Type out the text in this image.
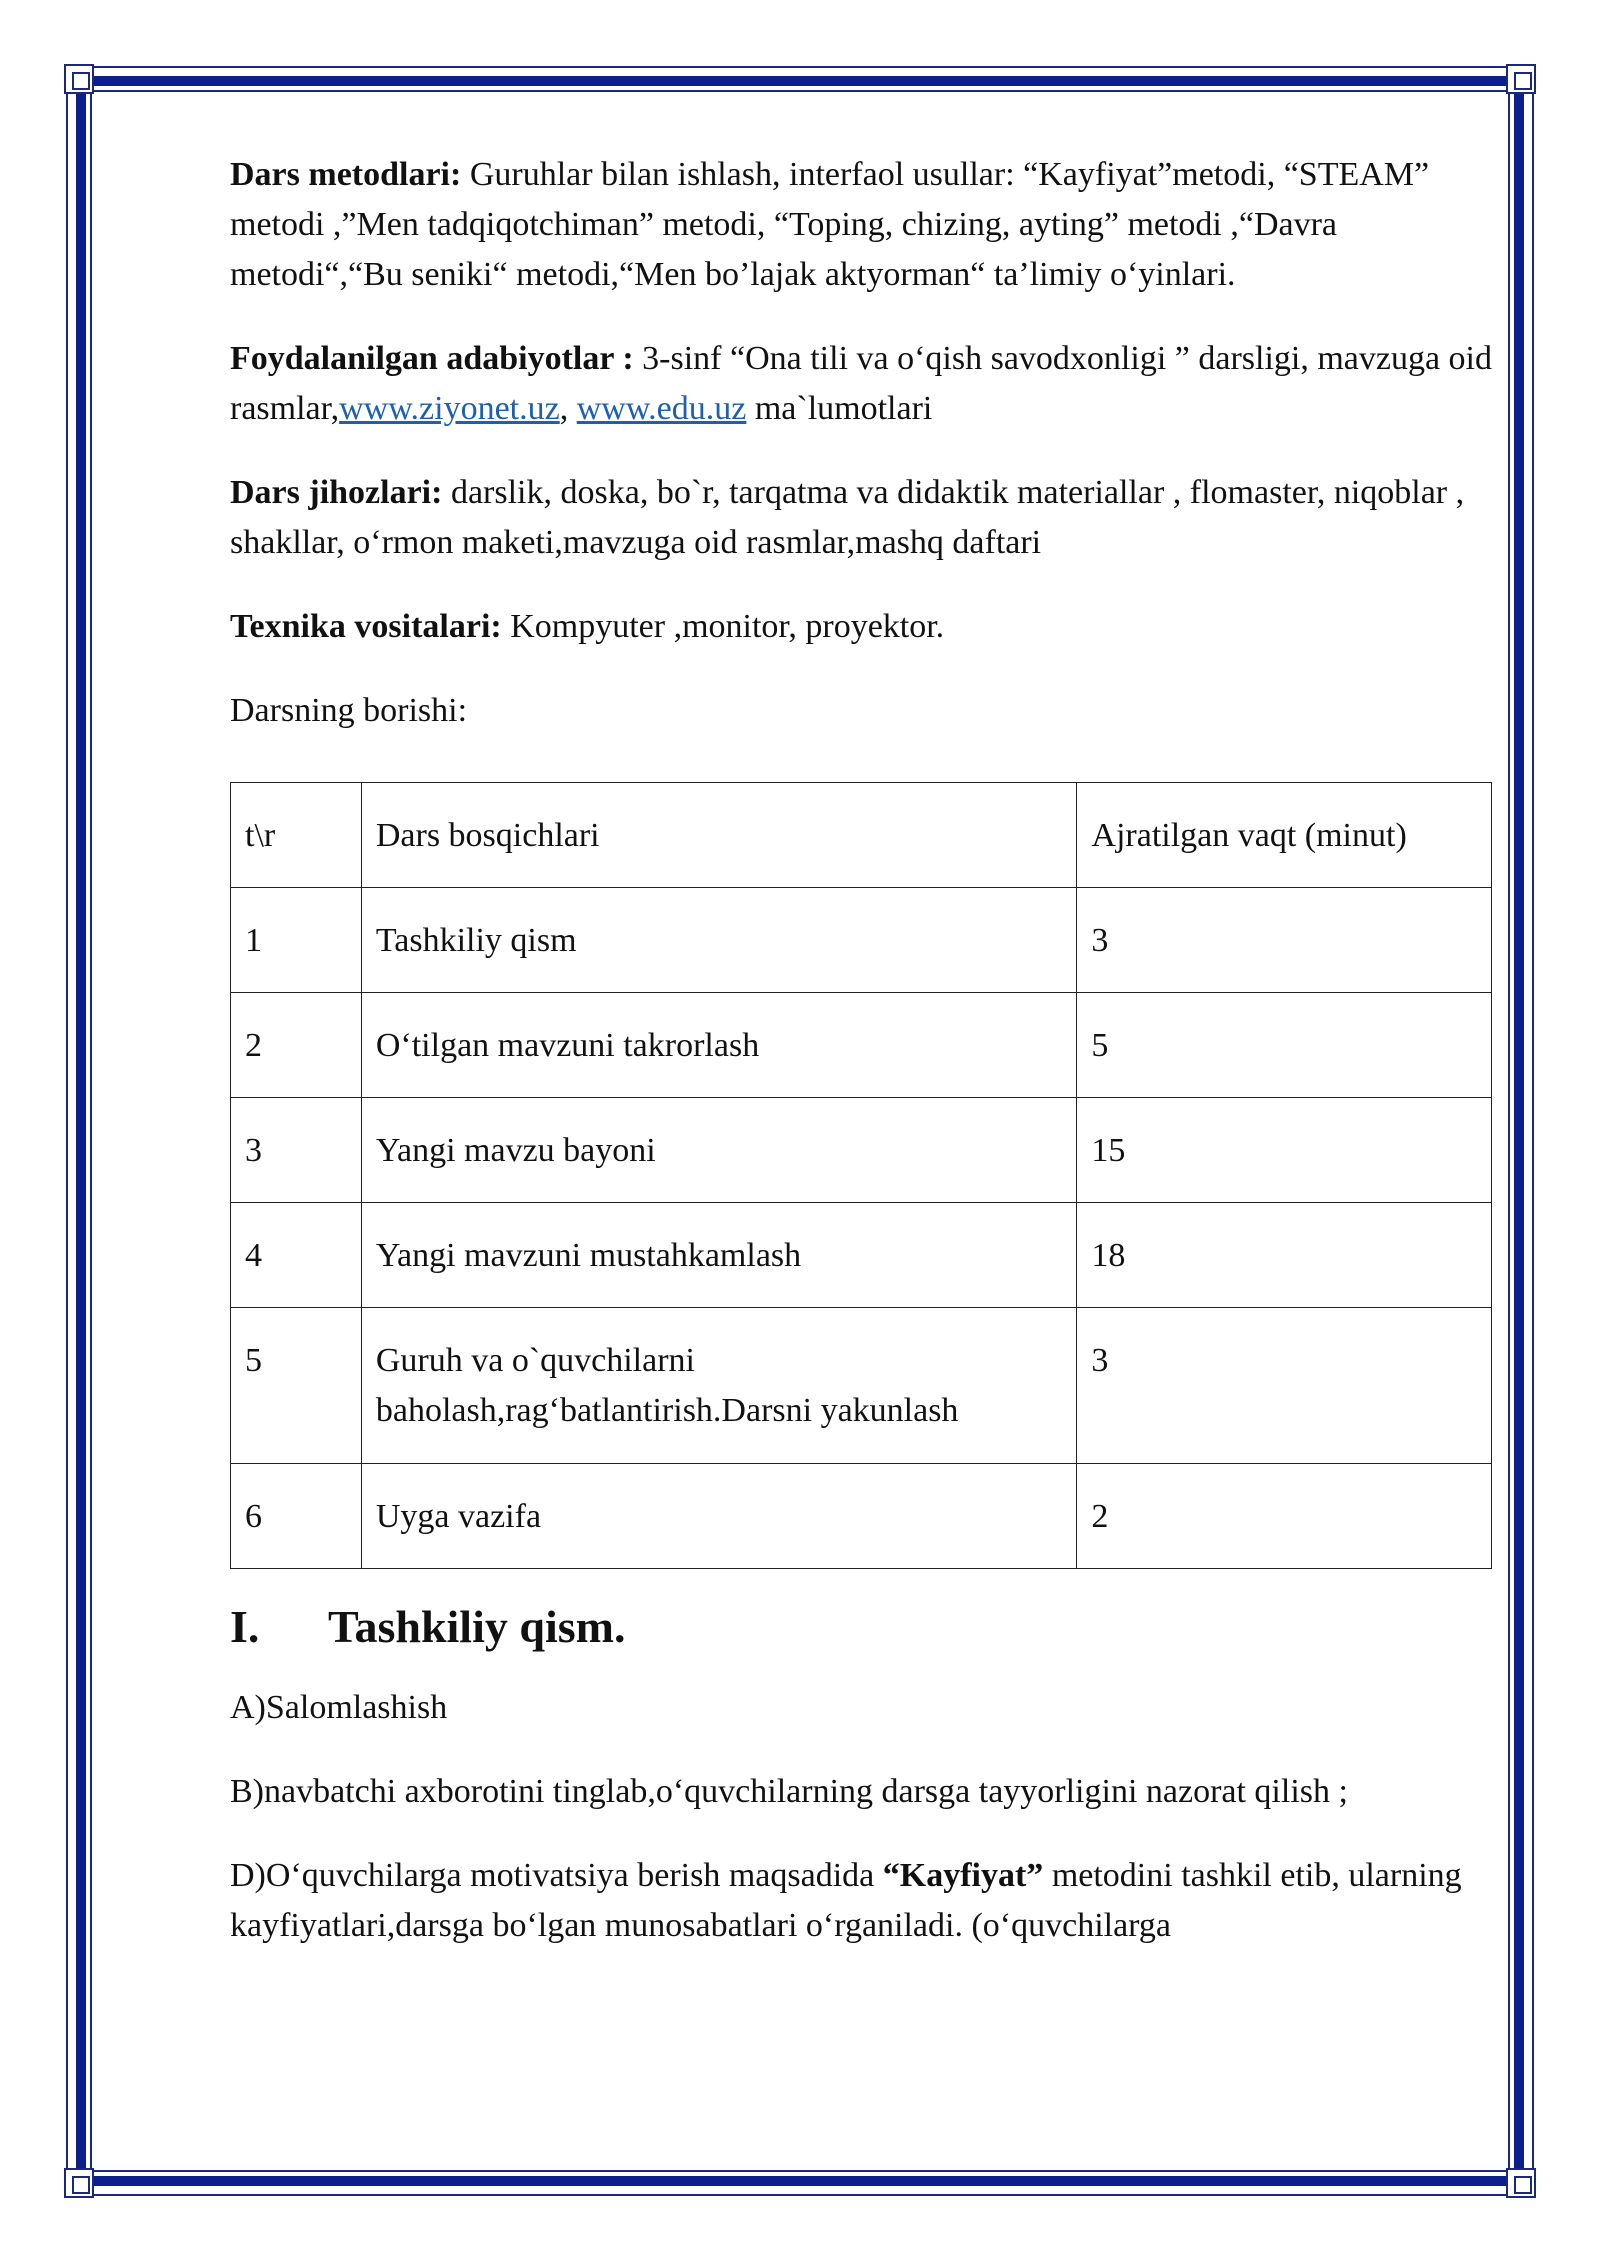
Dars metodlari: Guruhlar bilan ishlash, interfaol usullar: “Kayfiyat”metodi, “STEAM” metodi ,”Men tadqiqotchiman” metodi, “Toping, chizing, ayting” metodi ,“Davra metodi“,“Bu seniki“ metodi,“Men bo’lajak aktyorman“ ta’limiy o‘yinlari.

Foydalanilgan adabiyotlar : 3-sinf “Ona tili va o‘qish savodxonligi ” darsligi, mavzuga oid rasmlar,www.ziyonet.uz, www.edu.uz ma`lumotlari

Dars jihozlari: darslik, doska, bo`r, tarqatma va didaktik materiallar , flomaster, niqoblar , shakllar, o‘rmon maketi,mavzuga oid rasmlar,mashq daftari

Texnika vositalari: Kompyuter ,monitor, proyektor.

Darsning borishi:

t\r	Dars bosqichlari	Ajratilgan vaqt (minut)
1	Tashkiliy qism	3
2	O‘tilgan mavzuni takrorlash	5
3	Yangi mavzu bayoni	15
4	Yangi mavzuni mustahkamlash	18
5	Guruh va o`quvchilarni baholash,rag‘batlantirish.Darsni yakunlash	3
6	Uyga vazifa	2
I. Tashkiliy qism.

A)Salomlashish

B)navbatchi axborotini tinglab,o‘quvchilarning darsga tayyorligini nazorat qilish ;

D)O‘quvchilarga motivatsiya berish maqsadida “Kayfiyat” metodini tashkil etib, ularning kayfiyatlari,darsga bo‘lgan munosabatlari o‘rganiladi. (o‘quvchilarga
